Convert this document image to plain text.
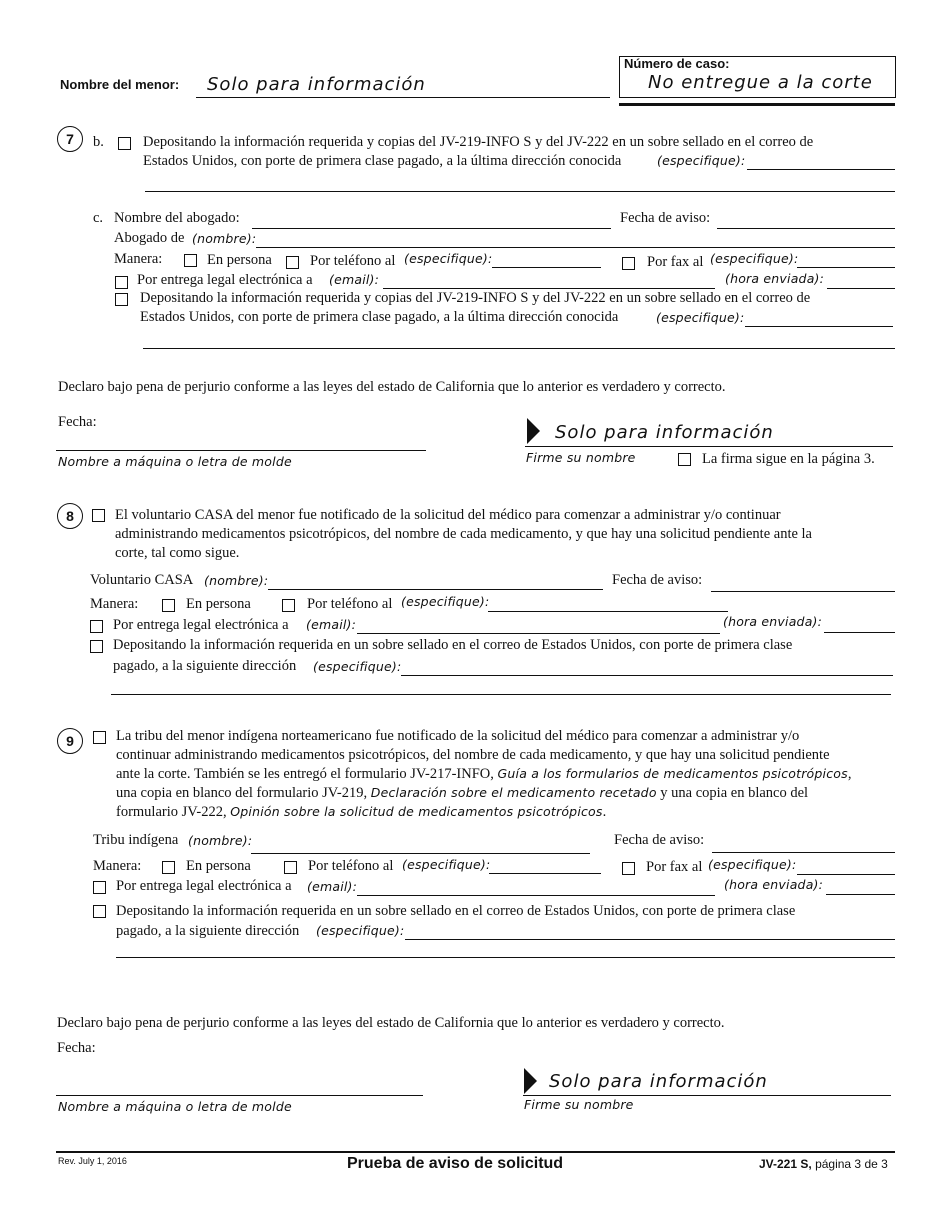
Nombre del menor: Solo para información
Número de caso:
No entregue a la corte
7	b.	Depositando la información requerida y copias del JV-219-INFO S y del JV-222 en un sobre sellado en el correo de
Estados Unidos, con porte de primera clase pagado, a la última dirección conocida	(especifique):
c. Nombre del abogado:	Fecha de aviso:
Abogado de (nombre):
Manera:	En persona	Por teléfono al (especifique):	Por fax al (especifique):
Por entrega legal electrónica a (email):	(hora enviada):
Depositando la información requerida y copias del JV-219-INFO S y del JV-222 en un sobre sellado en el correo de
Estados Unidos, con porte de primera clase pagado, a la última dirección conocida	(especifique):
Declaro bajo pena de perjurio conforme a las leyes del estado de California que lo anterior es verdadero y correcto.
Fecha:
Nombre a máquina o letra de molde
Solo para información
Firme su nombre	La firma sigue en la página 3.
8	El voluntario CASA del menor fue notificado de la solicitud del médico para comenzar a administrar y/o continuar
administrando medicamentos psicotrópicos, del nombre de cada medicamento, y que hay una solicitud pendiente ante la
corte, tal como sigue.
Voluntario CASA (nombre):	Fecha de aviso:
Manera:	En persona	Por teléfono al (especifique):
Por entrega legal electrónica a (email):	(hora enviada):
Depositando la información requerida en un sobre sellado en el correo de Estados Unidos, con porte de primera clase
pagado, a la siguiente dirección (especifique):
9	La tribu del menor indígena norteamericano fue notificado de la solicitud del médico para comenzar a administrar y/o
continuar administrando medicamentos psicotrópicos, del nombre de cada medicamento, y que hay una solicitud pendiente
ante la corte. También se les entregó el formulario JV-217-INFO, Guía a los formularios de medicamentos psicotrópicos,
una copia en blanco del formulario JV-219, Declaración sobre el medicamento recetado y una copia en blanco del
formulario JV-222, Opinión sobre la solicitud de medicamentos psicotrópicos.
Tribu indígena (nombre):	Fecha de aviso:
Manera:	En persona	Por teléfono al (especifique):	Por fax al (especifique):
Por entrega legal electrónica a (email):	(hora enviada):
Depositando la información requerida en un sobre sellado en el correo de Estados Unidos, con porte de primera clase
pagado, a la siguiente dirección (especifique):
Declaro bajo pena de perjurio conforme a las leyes del estado de California que lo anterior es verdadero y correcto.
Fecha:
Nombre a máquina o letra de molde
Solo para información
Firme su nombre
Rev. July 1, 2016	Prueba de aviso de solicitud	JV-221 S, página 3 de 3
